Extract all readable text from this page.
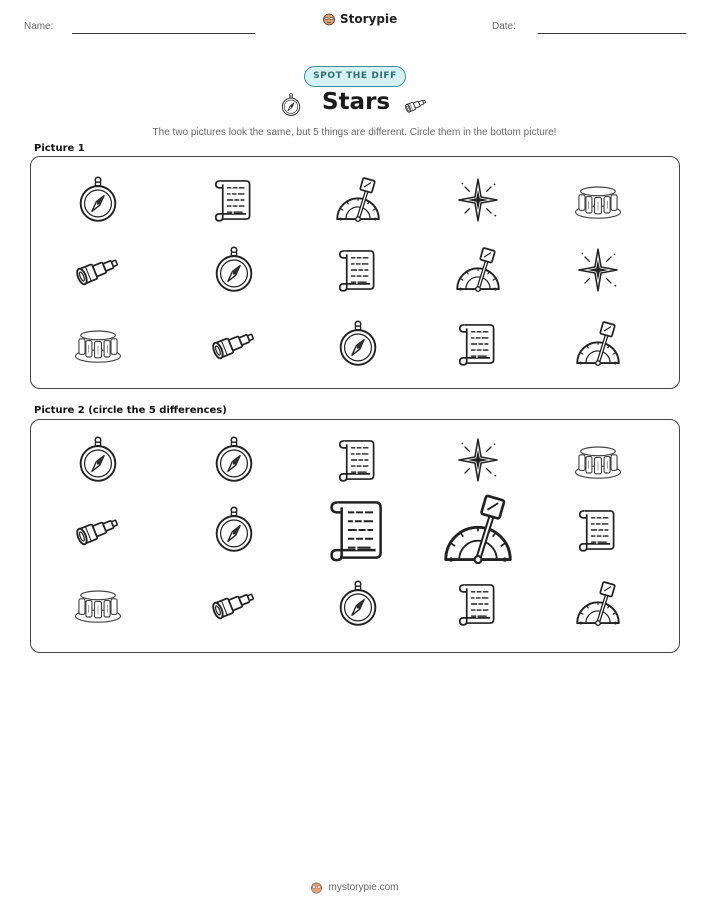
Name:
Storypie
Date:
SPOT THE DIFF
Stars
The two pictures look the same, but 5 things are different. Circle them in the bottom picture!
Picture 1
Picture 2 (circle the 5 differences)
mystorypie.com
